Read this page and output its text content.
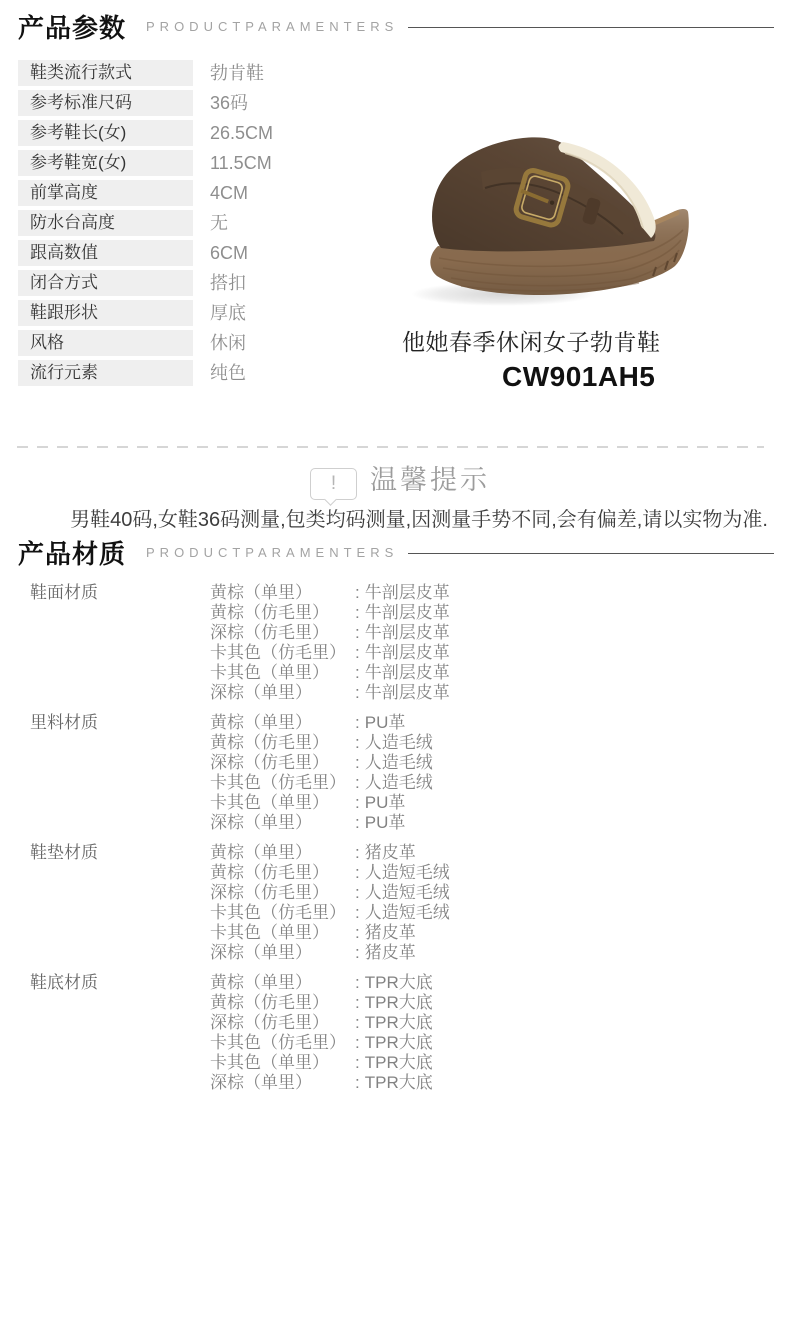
产品参数 PRODUCTPARAMENTERS
鞋类流行款式	勃肯鞋
参考标准尺码	36码
参考鞋长(女)	26.5CM
参考鞋宽(女)	11.5CM
前掌高度	4CM
防水台高度	无
跟高数值	6CM
闭合方式	搭扣
鞋跟形状	厚底
风格	休闲
流行元素	纯色
他她春季休闲女子勃肯鞋
CW901AH5
!	温馨提示
男鞋40码,女鞋36码测量,包类均码测量,因测量手势不同,会有偏差,请以实物为准.
产品材质 PRODUCTPARAMENTERS
鞋面材质	黄棕（单里）	: 牛剖层皮革
黄棕（仿毛里）	: 牛剖层皮革
深棕（仿毛里）	: 牛剖层皮革
卡其色（仿毛里） : 牛剖层皮革
卡其色（单里）	: 牛剖层皮革
深棕（单里）	: 牛剖层皮革
里料材质	黄棕（单里）	: PU革
黄棕（仿毛里）	: 人造毛绒
深棕（仿毛里）	: 人造毛绒
卡其色（仿毛里） : 人造毛绒
卡其色（单里）	: PU革
深棕（单里）	: PU革
鞋垫材质	黄棕（单里）	: 猪皮革
黄棕（仿毛里）	: 人造短毛绒
深棕（仿毛里）	: 人造短毛绒
卡其色（仿毛里） : 人造短毛绒
卡其色（单里）	: 猪皮革
深棕（单里）	: 猪皮革
鞋底材质	黄棕（单里）	: TPR大底
黄棕（仿毛里）	: TPR大底
深棕（仿毛里）	: TPR大底
卡其色（仿毛里） : TPR大底
卡其色（单里）	: TPR大底
深棕（单里）	: TPR大底
